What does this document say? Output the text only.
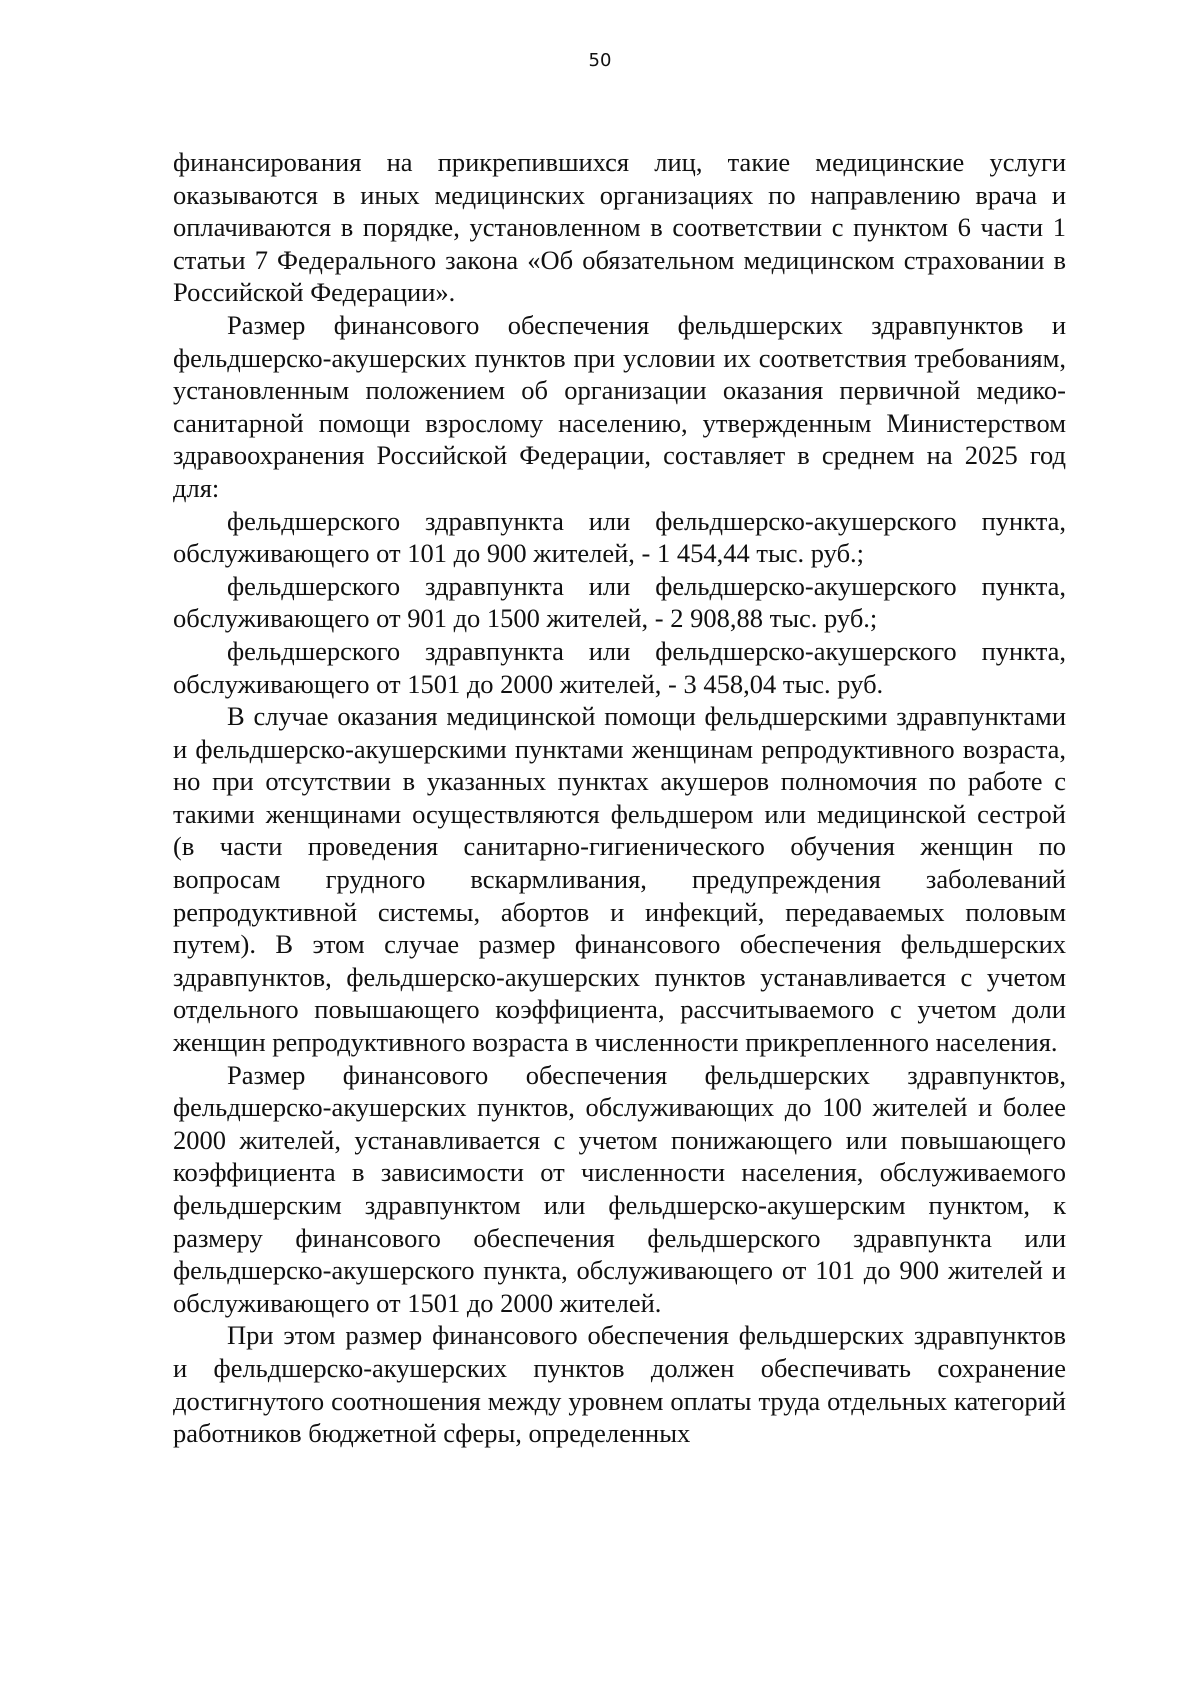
50

финансирования на прикрепившихся лиц, такие медицинские услуги оказываются в иных медицинских организациях по направлению врача и оплачиваются в порядке, установленном в соответствии с пунктом 6 части 1 статьи 7 Федерального закона «Об обязательном медицинском страховании в Российской Федерации».

Размер финансового обеспечения фельдшерских здравпунктов и фельдшерско-акушерских пунктов при условии их соответствия требованиям, установленным положением об организации оказания первичной медико-санитарной помощи взрослому населению, утвержденным Министерством здравоохранения Российской Федерации, составляет в среднем на 2025 год для:

фельдшерского здравпункта или фельдшерско-акушерского пункта, обслуживающего от 101 до 900 жителей, - 1 454,44 тыс. руб.;

фельдшерского здравпункта или фельдшерско-акушерского пункта, обслуживающего от 901 до 1500 жителей, - 2 908,88 тыс. руб.;

фельдшерского здравпункта или фельдшерско-акушерского пункта, обслуживающего от 1501 до 2000 жителей, - 3 458,04 тыс. руб.

В случае оказания медицинской помощи фельдшерскими здравпунктами и фельдшерско-акушерскими пунктами женщинам репродуктивного возраста, но при отсутствии в указанных пунктах акушеров полномочия по работе с такими женщинами осуществляются фельдшером или медицинской сестрой (в части проведения санитарно-гигиенического обучения женщин по вопросам грудного вскармливания, предупреждения заболеваний репродуктивной системы, абортов и инфекций, передаваемых половым путем). В этом случае размер финансового обеспечения фельдшерских здравпунктов, фельдшерско-акушерских пунктов устанавливается с учетом отдельного повышающего коэффициента, рассчитываемого с учетом доли женщин репродуктивного возраста в численности прикрепленного населения.

Размер финансового обеспечения фельдшерских здравпунктов, фельдшерско-акушерских пунктов, обслуживающих до 100 жителей и более 2000 жителей, устанавливается с учетом понижающего или повышающего коэффициента в зависимости от численности населения, обслуживаемого фельдшерским здравпунктом или фельдшерско-акушерским пунктом, к размеру финансового обеспечения фельдшерского здравпункта или фельдшерско-акушерского пункта, обслуживающего от 101 до 900 жителей и обслуживающего от 1501 до 2000 жителей.

При этом размер финансового обеспечения фельдшерских здравпунктов и фельдшерско-акушерских пунктов должен обеспечивать сохранение достигнутого соотношения между уровнем оплаты труда отдельных категорий работников бюджетной сферы, определенных
